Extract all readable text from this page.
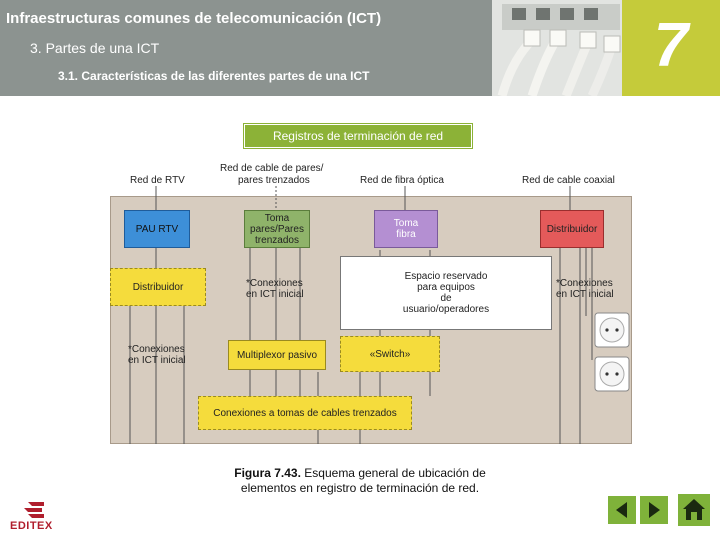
Infraestructuras comunes de telecomunicación (ICT)
3. Partes de una ICT
3.1. Características de las diferentes partes de una ICT	7
Registros de terminación de red
Red de RTV
Red de cable de pares/
pares trenzados	Red de fibra óptica	Red de cable coaxial
PAU RTV
Toma
pares/Pares
trenzados
Toma
fibra	Distribuidor
Distribuidor
Espacio reservado
para equipos
de
usuario/operadores
Multiplexor pasivo	«Switch»
Conexiones a tomas de cables trenzados
*Conexiones
en ICT inicial
*Conexiones
en ICT inicial
*Conexiones
en ICT inicial
Figura 7.43. Esquema general de ubicación de
elementos en registro de terminación de red.
EDITEX
